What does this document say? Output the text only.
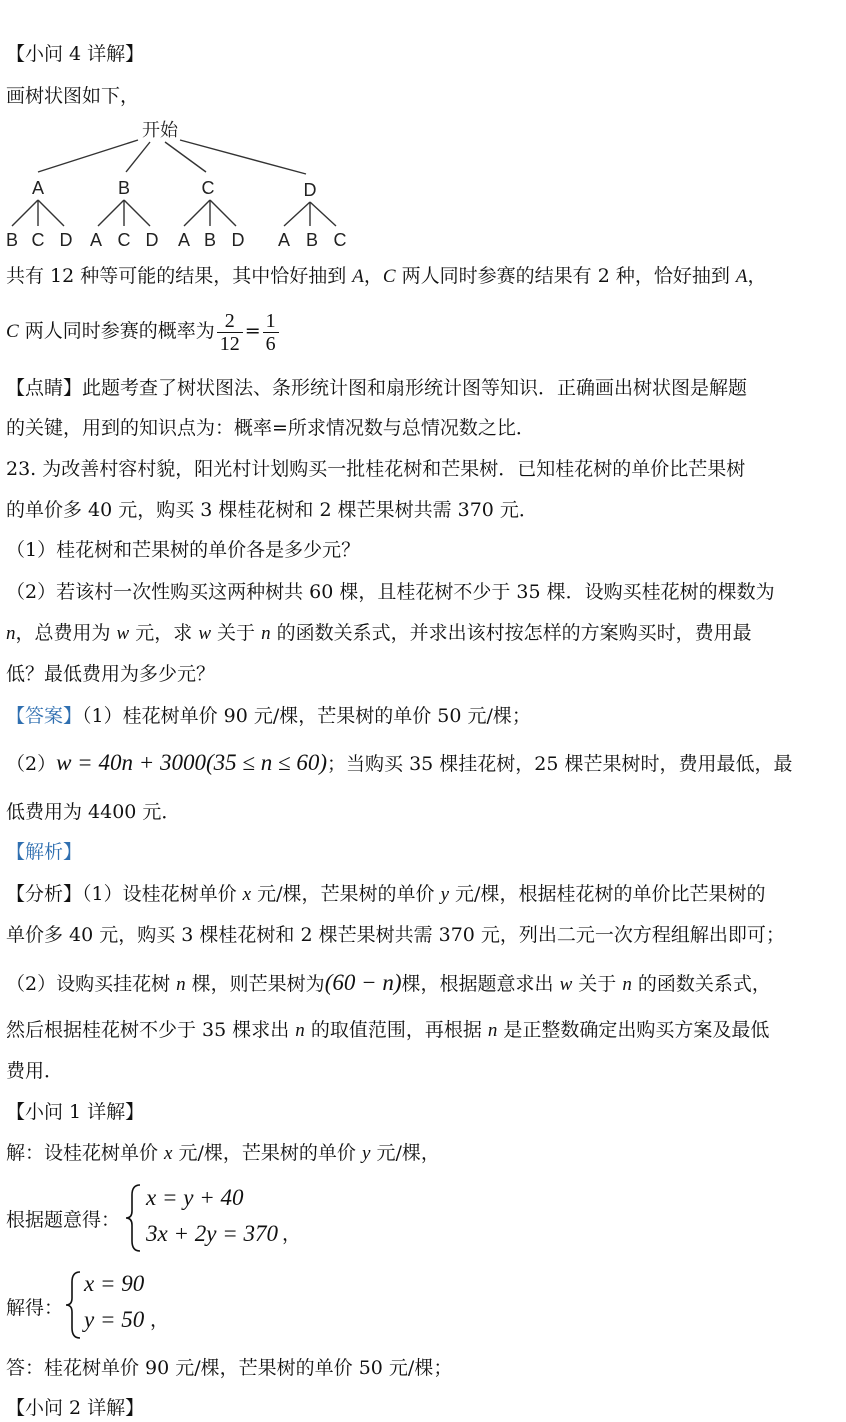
【小问 4 详解】
画树状图如下，
开始
A	B	C	D
B C D A C D A B D A B C
共有 12 种等可能的结果，其中恰好抽到 A，C 两人同时参赛的结果有 2 种，恰好抽到 A，
C 两人同时参赛的概率为 $\frac{2}{12} = \frac{1}{6}$
【点睛】此题考查了树状图法、条形统计图和扇形统计图等知识．正确画出树状图是解题
的关键，用到的知识点为：概率=所求情况数与总情况数之比．
23. 为改善村容村貌，阳光村计划购买一批桂花树和芒果树．已知桂花树的单价比芒果树
的单价多 40 元，购买 3 棵桂花树和 2 棵芒果树共需 370 元．
（1）桂花树和芒果树的单价各是多少元？
（2）若该村一次性购买这两种树共 60 棵，且桂花树不少于 35 棵．设购买桂花树的棵数为
n，总费用为 w 元，求 w 关于 n 的函数关系式，并求出该村按怎样的方案购买时，费用最
低？最低费用为多少元？
【答案】（1）桂花树单价 90 元/棵，芒果树的单价 50 元/棵；
（2）w = 40n + 3000(35 ≤ n ≤ 60)；当购买 35 棵挂花树，25 棵芒果树时，费用最低，最
低费用为 4400 元．
【解析】
【分析】（1）设桂花树单价 x 元/棵，芒果树的单价 y 元/棵，根据桂花树的单价比芒果树的
单价多 40 元，购买 3 棵桂花树和 2 棵芒果树共需 370 元，列出二元一次方程组解出即可；
（2）设购买挂花树 n 棵，则芒果树为(60 − n)棵，根据题意求出 w 关于 n 的函数关系式，
然后根据桂花树不少于 35 棵求出 n 的取值范围，再根据 n 是正整数确定出购买方案及最低
费用．
【小问 1 详解】
解：设桂花树单价 x 元/棵，芒果树的单价 y 元/棵，
根据题意得：
x = y + 40
3x + 2y = 370 ，
解得：
x = 90
y = 50 ，
答：桂花树单价 90 元/棵，芒果树的单价 50 元/棵；
【小问 2 详解】
